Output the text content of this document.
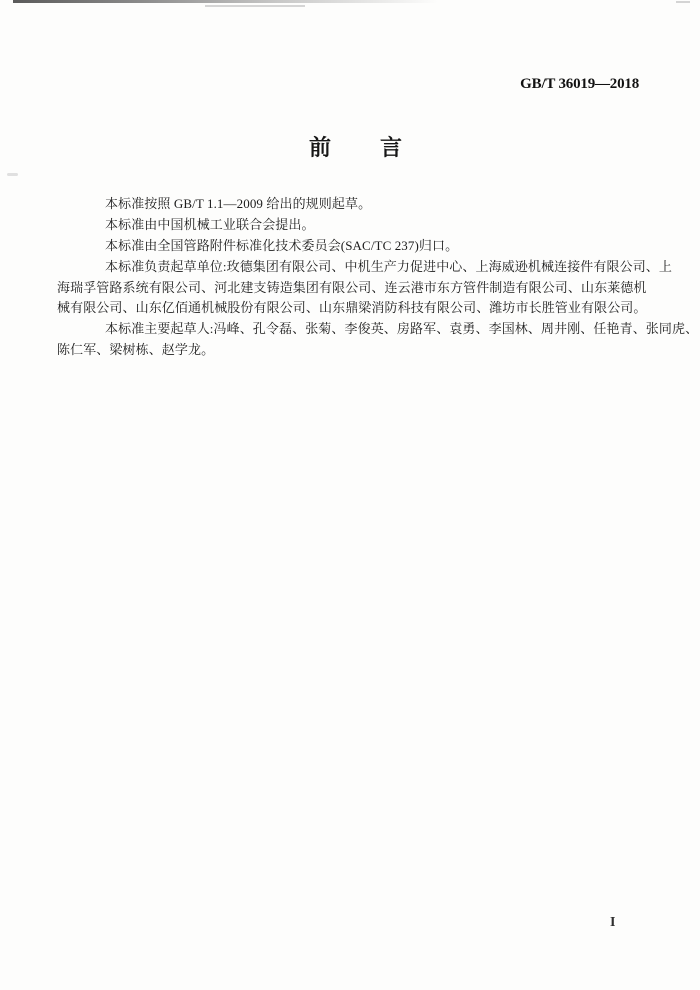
GB/T 36019—2018
前 言
本标准按照 GB/T 1.1—2009 给出的规则起草。
本标准由中国机械工业联合会提出。
本标准由全国管路附件标准化技术委员会(SAC/TC 237)归口。
本标准负责起草单位:玫德集团有限公司、中机生产力促进中心、上海威逊机械连接件有限公司、上
海瑞孚管路系统有限公司、河北建支铸造集团有限公司、连云港市东方管件制造有限公司、山东莱德机
械有限公司、山东亿佰通机械股份有限公司、山东鼎梁消防科技有限公司、潍坊市长胜管业有限公司。
本标准主要起草人:冯峰、孔令磊、张菊、李俊英、房路军、袁勇、李国林、周井刚、任艳青、张同虎、
陈仁军、梁树栋、赵学龙。
I
